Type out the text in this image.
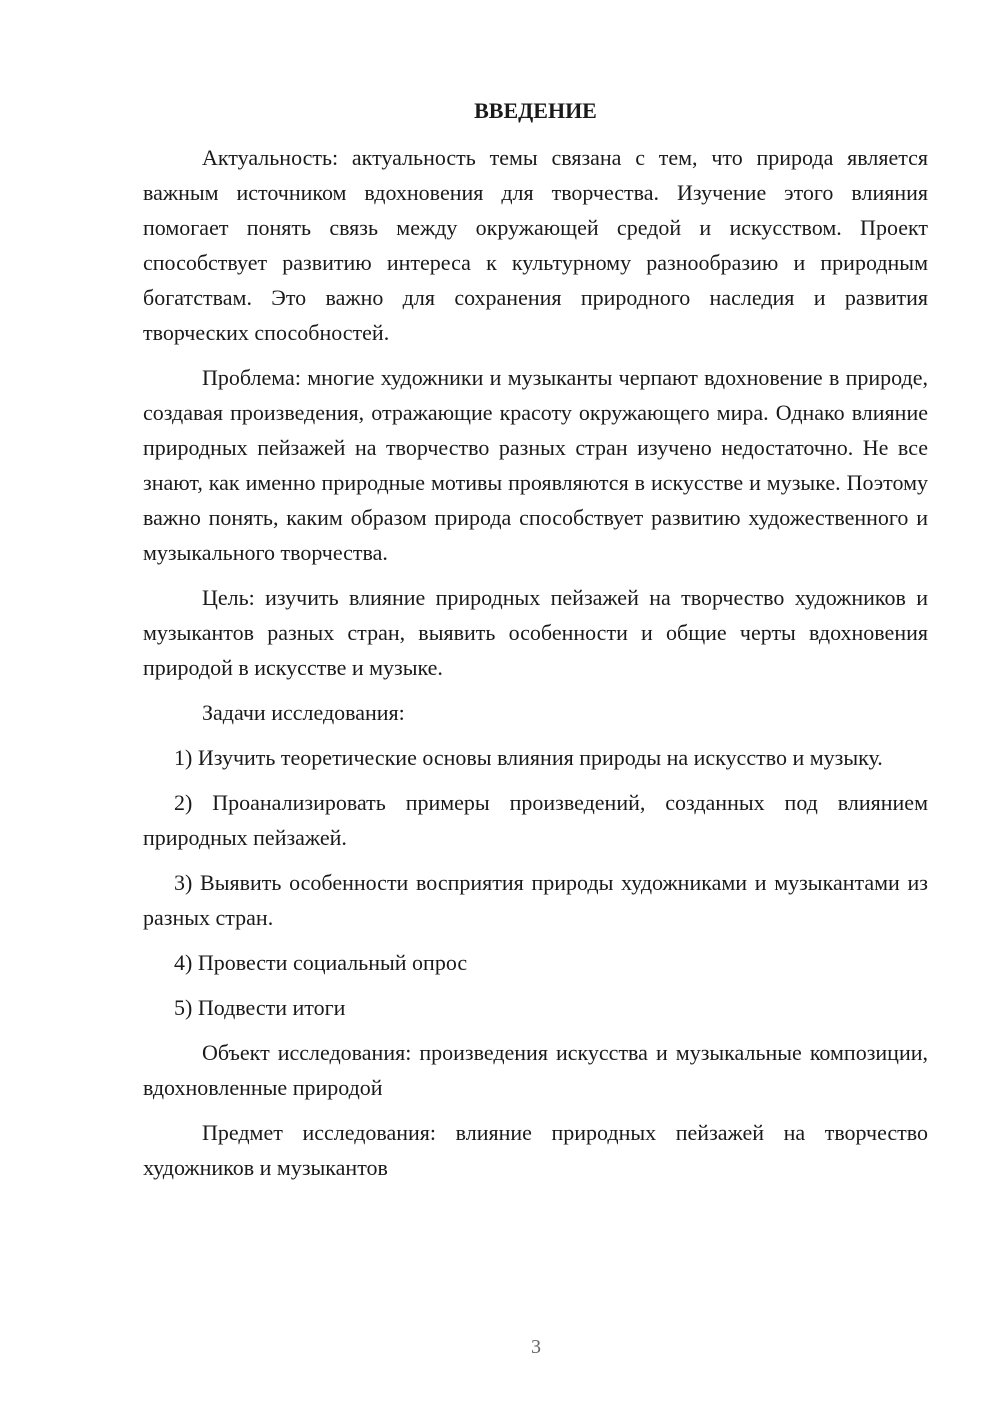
ВВЕДЕНИЕ

Актуальность: актуальность темы связана с тем, что природа является важным источником вдохновения для творчества. Изучение этого влияния помогает понять связь между окружающей средой и искусством. Проект способствует развитию интереса к культурному разнообразию и природным богатствам. Это важно для сохранения природного наследия и развития творческих способностей.

Проблема: многие художники и музыканты черпают вдохновение в природе, создавая произведения, отражающие красоту окружающего мира. Однако влияние природных пейзажей на творчество разных стран изучено недостаточно. Не все знают, как именно природные мотивы проявляются в искусстве и музыке. Поэтому важно понять, каким образом природа способствует развитию художественного и музыкального творчества.

Цель: изучить влияние природных пейзажей на творчество художников и музыкантов разных стран, выявить особенности и общие черты вдохновения природой в искусстве и музыке.

Задачи исследования:

1) Изучить теоретические основы влияния природы на искусство и музыку.

2) Проанализировать примеры произведений, созданных под влиянием природных пейзажей.

3) Выявить особенности восприятия природы художниками и музыкантами из разных стран.

4) Провести социальный опрос

5) Подвести итоги

Объект исследования: произведения искусства и музыкальные композиции, вдохновленные природой

Предмет исследования: влияние природных пейзажей на творчество художников и музыкантов

3
